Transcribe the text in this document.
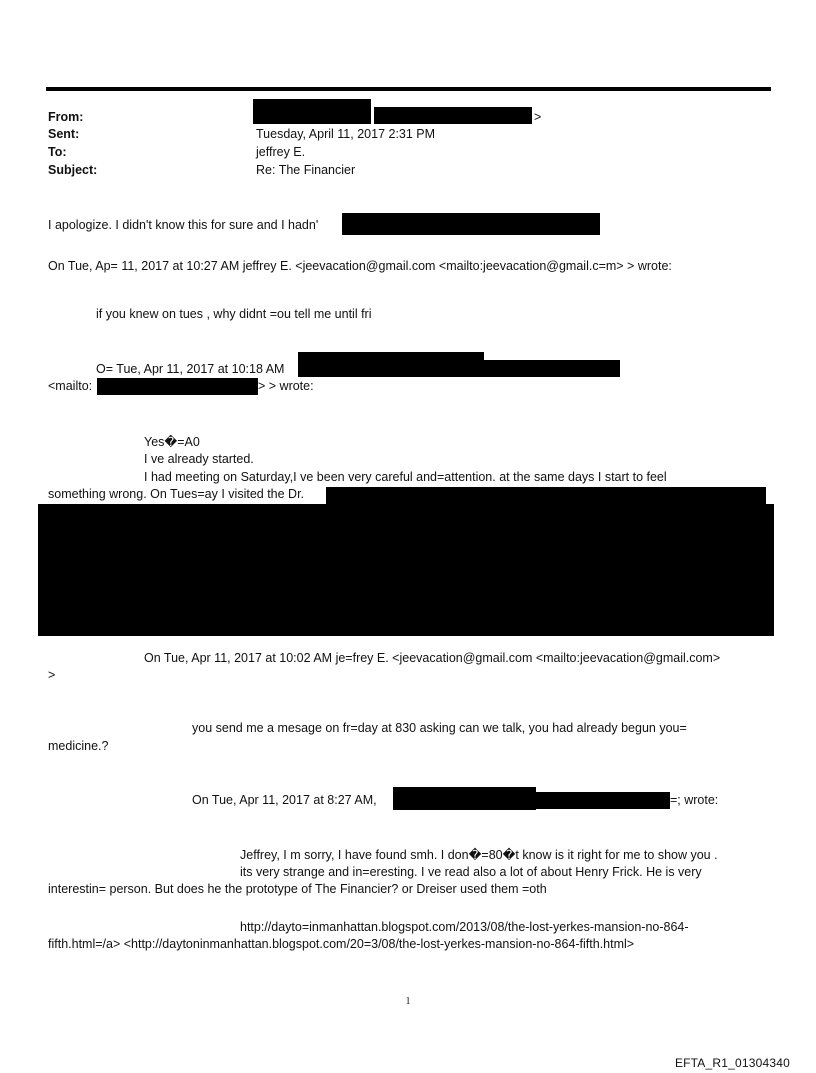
From:	>
Sent:	Tuesday, April 11, 2017 2:31 PM
To:	jeffrey E.
Subject:	Re: The Financier
I apologize. I didn't know this for sure and I hadn'
On Tue, Ap= 11, 2017 at 10:27 AM jeffrey E. <jeevacation@gmail.com <mailto:jeevacation@gmail.c=m> > wrote:
if you knew on tues , why didnt =ou tell me until fri
O= Tue, Apr 11, 2017 at 10:18 AM
<mailto:	> > wrote:
Yes�=A0
I ve already started.
I had meeting on Saturday,I ve been very careful and=attention. at the same days I start to feel
something wrong. On Tues=ay I visited the Dr.
On Tue, Apr 11, 2017 at 10:02 AM je=frey E. <jeevacation@gmail.com <mailto:jeevacation@gmail.com>
>
you send me a mesage on fr=day at 830 asking can we talk, you had already begun you=
medicine.?
On Tue, Apr 11, 2017 at 8:27 AM,	=; wrote:
Jeffrey, I m sorry, I have found smh. I don�=80�t know is it right for me to show you .
its very strange and in=eresting. I ve read also a lot of about Henry Frick. He is very
interestin= person. But does he the prototype of The Financier? or Dreiser used them =oth
http://dayto=inmanhattan.blogspot.com/2013/08/the-lost-yerkes-mansion-no-864-
fifth.html=/a> <http://daytoninmanhattan.blogspot.com/20=3/08/the-lost-yerkes-mansion-no-864-fifth.html>
1
EFTA_R1_01304340
